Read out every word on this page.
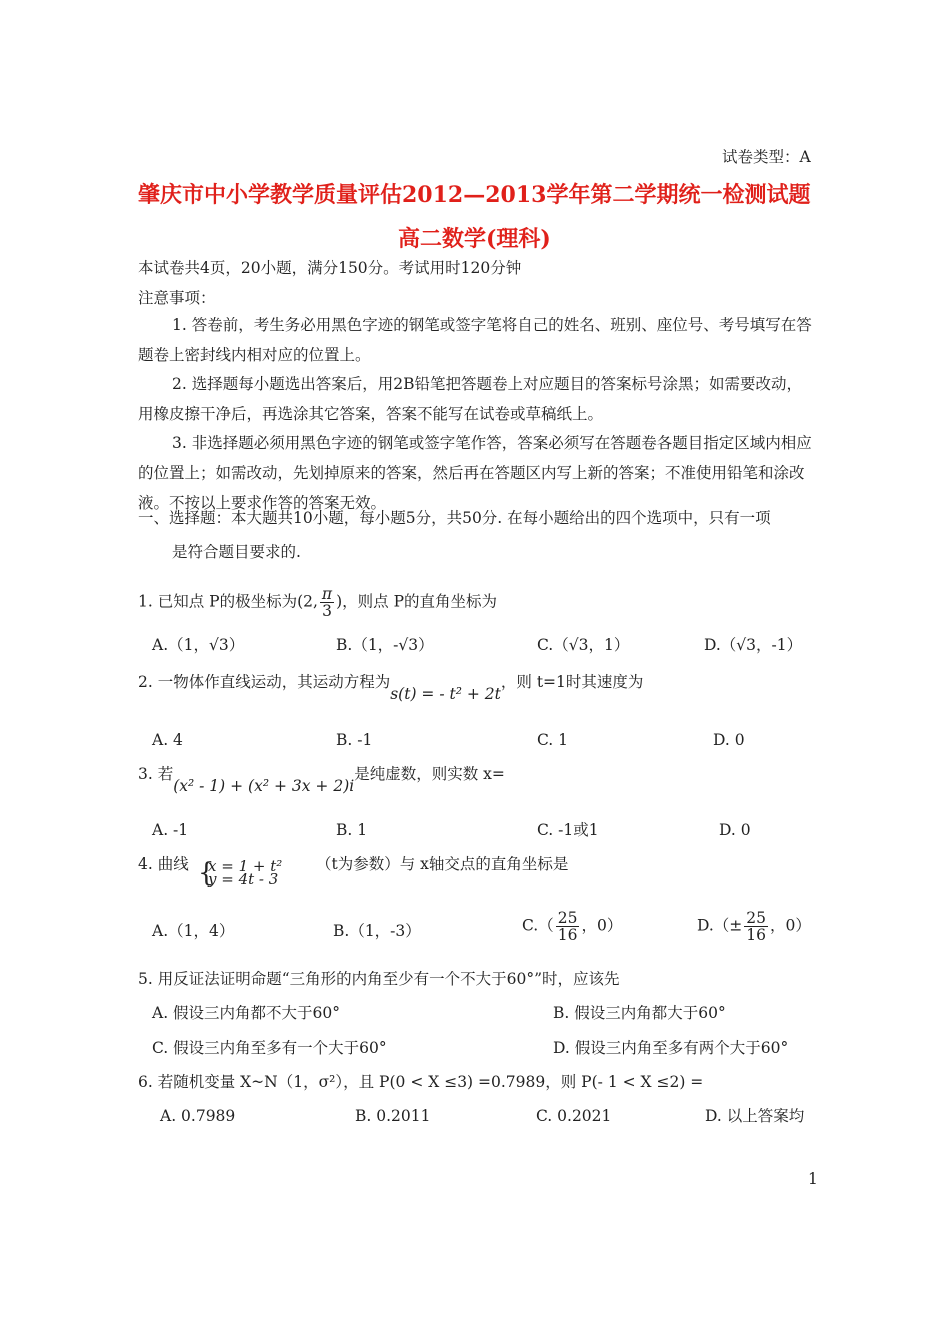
试卷类型：A
肇庆市中小学教学质量评估2012—2013学年第二学期统一检测试题
高二数学(理科)
本试卷共4页，20小题，满分150分。考试用时120分钟
注意事项：
1. 答卷前，考生务必用黑色字迹的钢笔或签字笔将自己的姓名、班别、座位号、考号填写在答题卷上密封线内相对应的位置上。
2. 选择题每小题选出答案后，用2B铅笔把答题卷上对应题目的答案标号涂黑；如需要改动，用橡皮擦干净后，再选涂其它答案，答案不能写在试卷或草稿纸上。
3. 非选择题必须用黑色字迹的钢笔或签字笔作答，答案必须写在答题卷各题目指定区域内相应的位置上；如需改动，先划掉原来的答案，然后再在答题区内写上新的答案；不准使用铅笔和涂改液。不按以上要求作答的答案无效。
一、选择题：本大题共10小题，每小题5分，共50分. 在每小题给出的四个选项中，只有一项
是符合题目要求的.
1. 已知点 P的极坐标为(2, $\frac{\pi}{3}$ )，则点 P的直角坐标为
A.（1，√3）	B.（1，-√3）	C.（√3，1）	D.（√3，-1）
2. 一物体作直线运动，其运动方程为s(t) = - t² + 2t，则 t=1时其速度为
A. 4	B. -1	C. 1	D. 0
3. 若(x² - 1) + (x² + 3x + 2)i是纯虚数，则实数 x=
A. -1	B. 1	C. -1或1	D. 0
4. 曲线 {
x = 1 + t²
y = 4t - 3
（t为参数）与 x轴交点的直角坐标是
A.（1，4）	B.（1，-3）	$C.( \frac{25}{16}$ ，0）	$D.(\pm \frac{25}{16}$ ，0）
5. 用反证法证明命题“三角形的内角至少有一个不大于60°”时，应该先
A. 假设三内角都不大于60°	B. 假设三内角都大于60°
C. 假设三内角至多有一个大于60°	D. 假设三内角至多有两个大于60°
6. 若随机变量 X~N（1，σ²），且 P(0 < X ≤3) =0.7989，则 P(- 1 < X ≤2) =
A. 0.7989	B. 0.2011	C. 0.2021	D. 以上答案均
1
